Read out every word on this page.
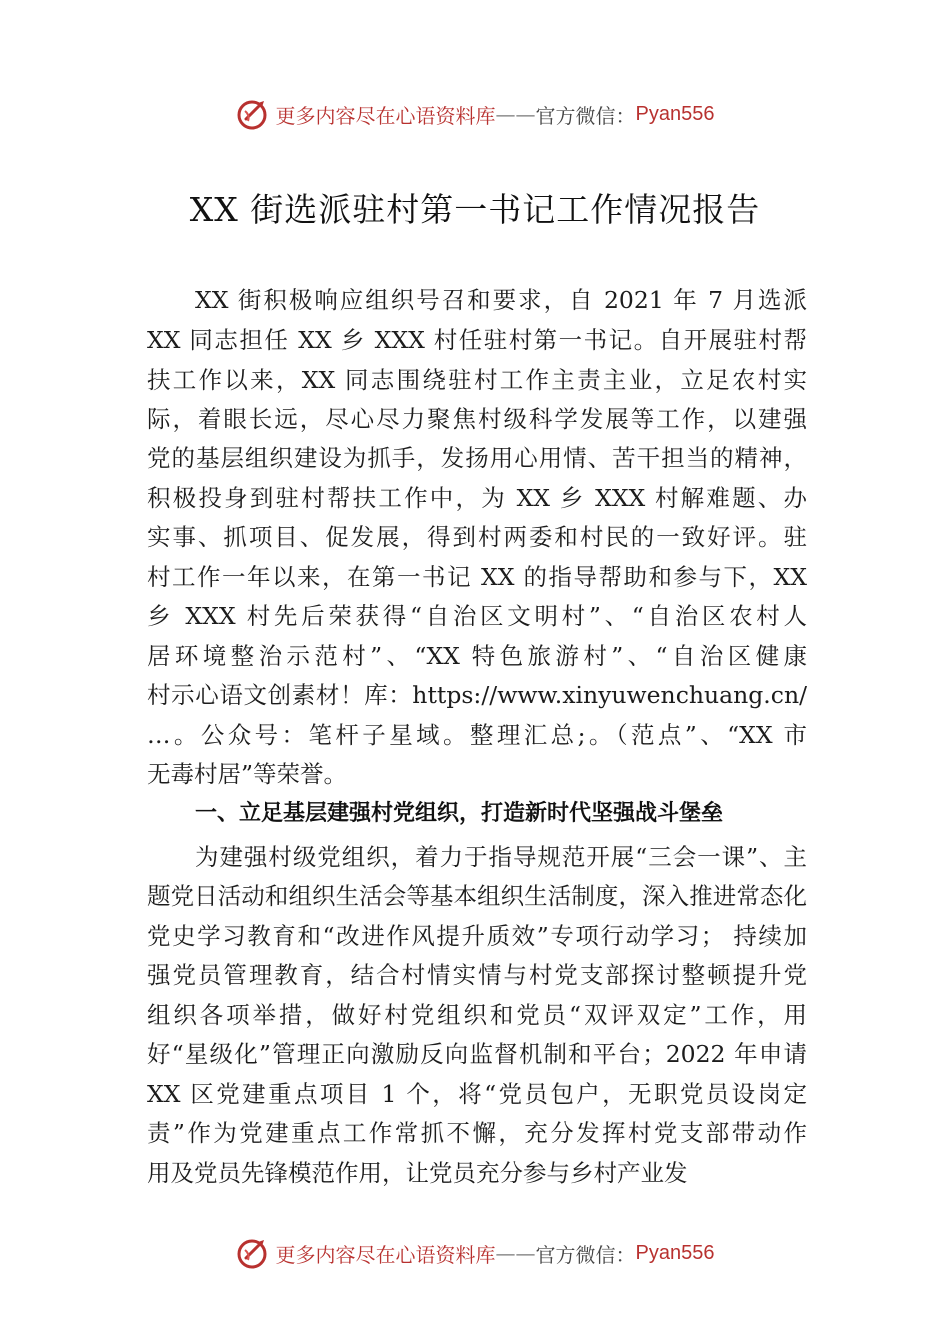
更多内容尽在心语资料库 —— 官方微信： Pyan556
XX 街选派驻村第一书记工作情况报告
XX 街积极响应组织号召和要求，自 2021 年 7 月选派
XX 同志担任 XX 乡 XXX 村任驻村第一书记。自开展驻村帮
扶工作以来，XX 同志围绕驻村工作主责主业，立足农村实
际，着眼长远，尽心尽力聚焦村级科学发展等工作，以建强
党的基层组织建设为抓手，发扬用心用情、苦干担当的精神，
积极投身到驻村帮扶工作中，为 XX 乡 XXX 村解难题、办
实事、抓项目、促发展，得到村两委和村民的一致好评。驻
村工作一年以来，在第一书记 XX 的指导帮助和参与下，XX
乡 XXX 村先后荣获得“自治区文明村”、“自治区农村人
居环境整治示范村”、“XX 特色旅游村”、“自治区健康
村示心语文创素材！库：https://www.xinyuwenchuang.cn/
…。公众号：笔杆子星域。整理汇总;。（范点”、“XX 市
无毒村居”等荣誉。
一、立足基层建强村党组织，打造新时代坚强战斗堡垒
为建强村级党组织，着力于指导规范开展“三会一课”、主
题党日活动和组织生活会等基本组织生活制度，深入推进常态化
党史学习教育和“改进作风提升质效”专项行动学习； 持续加
强党员管理教育，结合村情实情与村党支部探讨整顿提升党
组织各项举措，做好村党组织和党员“双评双定”工作，用
好“星级化”管理正向激励反向监督机制和平台；2022 年申请
XX 区党建重点项目 1 个，将“党员包户，无职党员设岗定
责”作为党建重点工作常抓不懈，充分发挥村党支部带动作
用及党员先锋模范作用，让党员充分参与乡村产业发
更多内容尽在心语资料库 —— 官方微信： Pyan556
